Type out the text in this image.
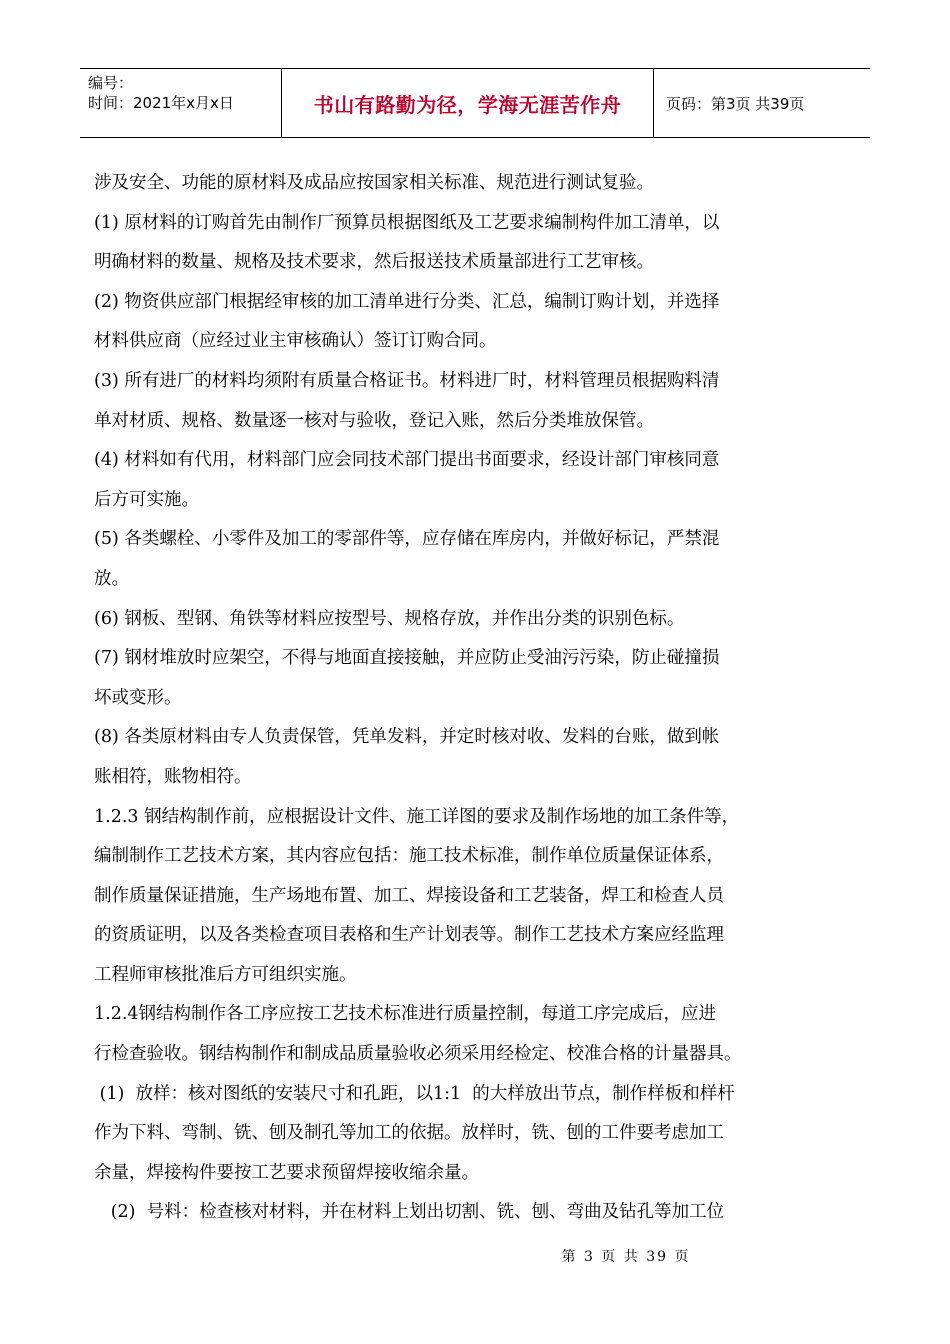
编号：
时间：2021年x月x日	书山有路勤为径，学海无涯苦作舟	页码：第3页 共39页

涉及安全、功能的原材料及成品应按国家相关标准、规范进行测试复验。

(1) 原材料的订购首先由制作厂预算员根据图纸及工艺要求编制构件加工清单，以

明确材料的数量、规格及技术要求，然后报送技术质量部进行工艺审核。

(2) 物资供应部门根据经审核的加工清单进行分类、汇总，编制订购计划，并选择

材料供应商（应经过业主审核确认）签订订购合同。

(3) 所有进厂的材料均须附有质量合格证书。材料进厂时，材料管理员根据购料清

单对材质、规格、数量逐一核对与验收，登记入账，然后分类堆放保管。

(4) 材料如有代用，材料部门应会同技术部门提出书面要求，经设计部门审核同意

后方可实施。

(5) 各类螺栓、小零件及加工的零部件等，应存储在库房内，并做好标记，严禁混

放。

(6) 钢板、型钢、角铁等材料应按型号、规格存放，并作出分类的识别色标。

(7) 钢材堆放时应架空，不得与地面直接接触，并应防止受油污污染，防止碰撞损

坏或变形。

(8) 各类原材料由专人负责保管，凭单发料，并定时核对收、发料的台账，做到帐

账相符，账物相符。

1.2.3 钢结构制作前，应根据设计文件、施工详图的要求及制作场地的加工条件等，

编制制作工艺技术方案，其内容应包括：施工技术标准，制作单位质量保证体系，

制作质量保证措施，生产场地布置、加工、焊接设备和工艺装备，焊工和检查人员

的资质证明，以及各类检查项目表格和生产计划表等。制作工艺技术方案应经监理

工程师审核批准后方可组织实施。

1.2.4钢结构制作各工序应按工艺技术标准进行质量控制，每道工序完成后，应进

行检查验收。钢结构制作和制成品质量验收必须采用经检定、校准合格的计量器具。

(1)  放样：核对图纸的安装尺寸和孔距，以1:1  的大样放出节点，制作样板和样杆

作为下料、弯制、铣、刨及制孔等加工的依据。放样时，铣、刨的工件要考虑加工

余量，焊接构件要按工艺要求预留焊接收缩余量。

(2)  号料：检查核对材料，并在材料上划出切割、铣、刨、弯曲及钻孔等加工位

第 3 页 共 39 页
